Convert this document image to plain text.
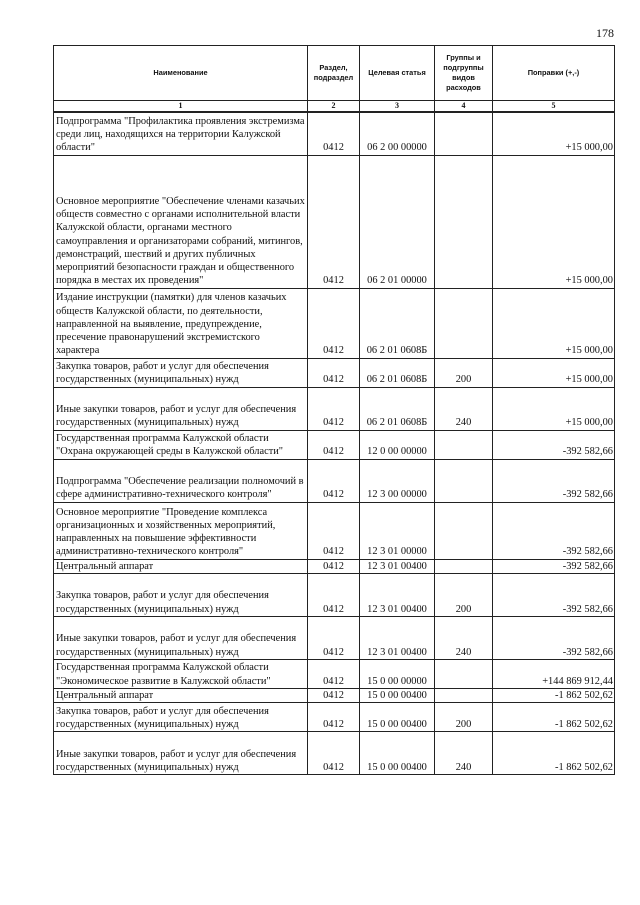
178
Наименование	Раздел, подраздел	Целевая статья	Группы и подгруппы видов расходов	Поправки (+,-)
1	2	3	4	5
Подпрограмма "Профилактика проявления экстремизма среди лиц, находящихся на территории Калужской области"	0412	06 2 00 00000		+15 000,00
Основное мероприятие "Обеспечение членами казачьих обществ совместно с органами исполнительной власти Калужской области, органами местного самоуправления и организаторами собраний, митингов, демонстраций, шествий и других публичных мероприятий безопасности граждан и общественного порядка в местах их проведения"	0412	06 2 01 00000		+15 000,00
Издание инструкции (памятки) для членов казачьих обществ Калужской области, по деятельности, направленной на выявление, предупреждение, пресечение правонарушений экстремистского характера	0412	06 2 01 0608Б		+15 000,00
Закупка товаров, работ и услуг для обеспечения государственных (муниципальных) нужд	0412	06 2 01 0608Б	200	+15 000,00
Иные закупки товаров, работ и услуг для обеспечения государственных (муниципальных) нужд	0412	06 2 01 0608Б	240	+15 000,00
Государственная программа Калужской области "Охрана окружающей среды в Калужской области"	0412	12 0 00 00000		-392 582,66
Подпрограмма "Обеспечение реализации полномочий в сфере административно-технического контроля"	0412	12 3 00 00000		-392 582,66
Основное мероприятие "Проведение комплекса организационных и хозяйственных мероприятий, направленных на повышение эффективности административно-технического контроля"	0412	12 3 01 00000		-392 582,66
Центральный аппарат	0412	12 3 01 00400		-392 582,66
Закупка товаров, работ и услуг для обеспечения государственных (муниципальных) нужд	0412	12 3 01 00400	200	-392 582,66
Иные закупки товаров, работ и услуг для обеспечения государственных (муниципальных) нужд	0412	12 3 01 00400	240	-392 582,66
Государственная программа Калужской области "Экономическое развитие в Калужской области"	0412	15 0 00 00000		+144 869 912,44
Центральный аппарат	0412	15 0 00 00400		-1 862 502,62
Закупка товаров, работ и услуг для обеспечения государственных (муниципальных) нужд	0412	15 0 00 00400	200	-1 862 502,62
Иные закупки товаров, работ и услуг для обеспечения государственных (муниципальных) нужд	0412	15 0 00 00400	240	-1 862 502,62
